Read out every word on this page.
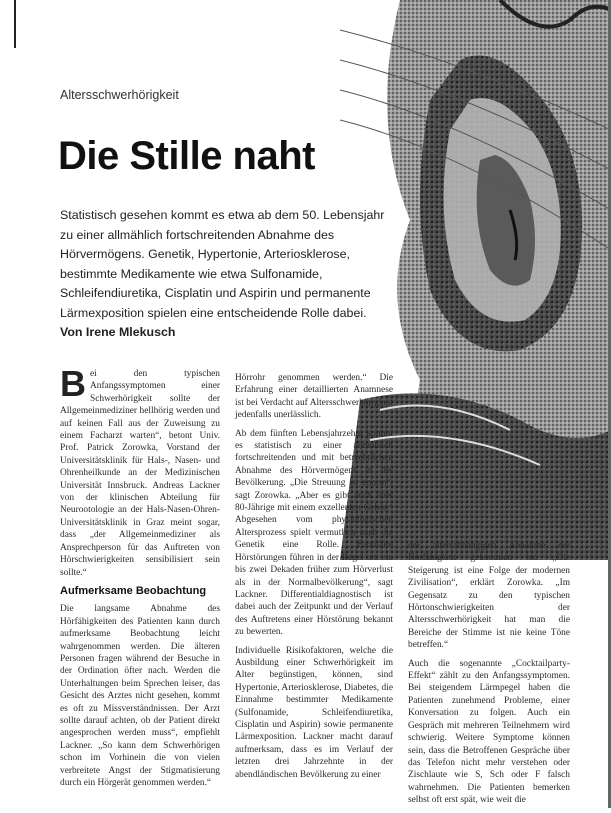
Altersschwerhörigkeit
Die Stille naht
Statistisch gesehen kommt es etwa ab dem 50. Lebensjahr zu einer allmählich fortschreitenden Abnahme des Hörvermögens. Genetik, Hypertonie, Arteriosklerose, bestimmte Medikamente wie etwa Sulfonamide, Schleifendiuretika, Cisplatin und Aspirin und permanente Lärmexposition spielen eine entscheidende Rolle dabei. Von Irene Mlekusch

Bei den typischen Anfangssymptomen einer Schwerhörigkeit sollte der Allgemeinmediziner hellhörig werden und auf keinen Fall aus der Zuweisung zu einem Facharzt warten“, betont Univ. Prof. Patrick Zorowka, Vorstand der Universitätsklinik für Hals-, Nasen- und Ohrenheilkunde an der Medizinischen Universität Innsbruck. Andreas Lackner von der klinischen Abteilung für Neurootologie an der Hals-Nasen-Ohren-Universitätsklinik in Graz meint sogar, dass „der Allgemeinmediziner als Ansprechperson für das Auftreten von Hörschwierigkeiten sensibilisiert sein sollte.“

Aufmerksame Beobachtung

Die langsame Abnahme des Hörfähigkeiten des Patienten kann durch aufmerksame Beobachtung leicht wahrgenommen werden. Die älteren Personen fragen während der Besuche in der Ordination öfter nach. Werden die Unterhaltungen beim Sprechen leiser, das Gesicht des Arztes nicht gesehen, kommt es oft zu Missverständnissen. Der Arzt sollte darauf achten, ob der Patient direkt angesprochen werden muss“, empfiehlt Lackner. „So kann dem Schwerhörigen schon im Vorhinein die von vielen verbreitete Angst der Stigmatisierung durch ein Hörgerät genommen werden.“

Hörrohr genommen werden.“ Die Erfahrung einer detaillierten Anamnese ist bei Verdacht auf Altersschwerhörigkeit jedenfalls unerlässlich.

Ab dem fünften Lebensjahrzehnt kommt es statistisch zu einer allmählich fortschreitenden und mit beträchtlichen Abnahme des Hörvermögens in der Bevölkerung. „Die Streuung ist enorm“, sagt Zorowka. „Aber es gibt auch über 80-Jährige mit einem exzellenten Gehör.“ Abgesehen vom physiologischen Altersprozess spielt vermutlich auch die Genetik eine Rolle. Familiäre Hörstörungen führen in der Regel um ein bis zwei Dekaden früher zum Hörverlust als in der Normalbevölkerung“, sagt Lackner. Differentialdiagnostisch ist dabei auch der Zeitpunkt und der Verlauf des Auftretens einer Hörstörung bekannt zu bewerten.

Individuelle Risikofaktoren, welche die Ausbildung einer Schwerhörigkeit im Alter begünstigen, können, sind Hypertonie, Arteriosklerose, Diabetes, die Einnahme bestimmter Medikamente (Sulfonamide, Schleifendiuretika, Cisplatin und Aspirin) sowie permanente Lärmexposition. Lackner macht darauf aufmerksam, dass es im Verlauf der letzten drei Jahrzehnte in der abendländischen Bevölkerung zu einer

der altersabhängigen Abnahme der Hörfähigkeit gekommen ist. „Die Steigerung ist eine Folge der modernen Zivilisation“, erklärt Zorowka. „Im Gegensatz zu den typischen Hörtonschwierigkeiten der Altersschwerhörigkeit hat man die Bereiche der Stimme ist nie keine Töne betreffen.“

Auch die sogenannte „Cocktailparty-Effekt“ zählt zu den Anfangssymptomen. Bei steigendem Lärmpegel haben die Patienten zunehmend Probleme, einer Konversation zu folgen. Auch ein Gespräch mit mehreren Teilnehmern wird schwierig. Weitere Symptome können sein, dass die Betroffenen Gespräche über das Telefon nicht mehr verstehen oder Zischlaute wie S, Sch oder F falsch wahrnehmen. Die Patienten bemerken selbst oft erst spät, wie weit die
